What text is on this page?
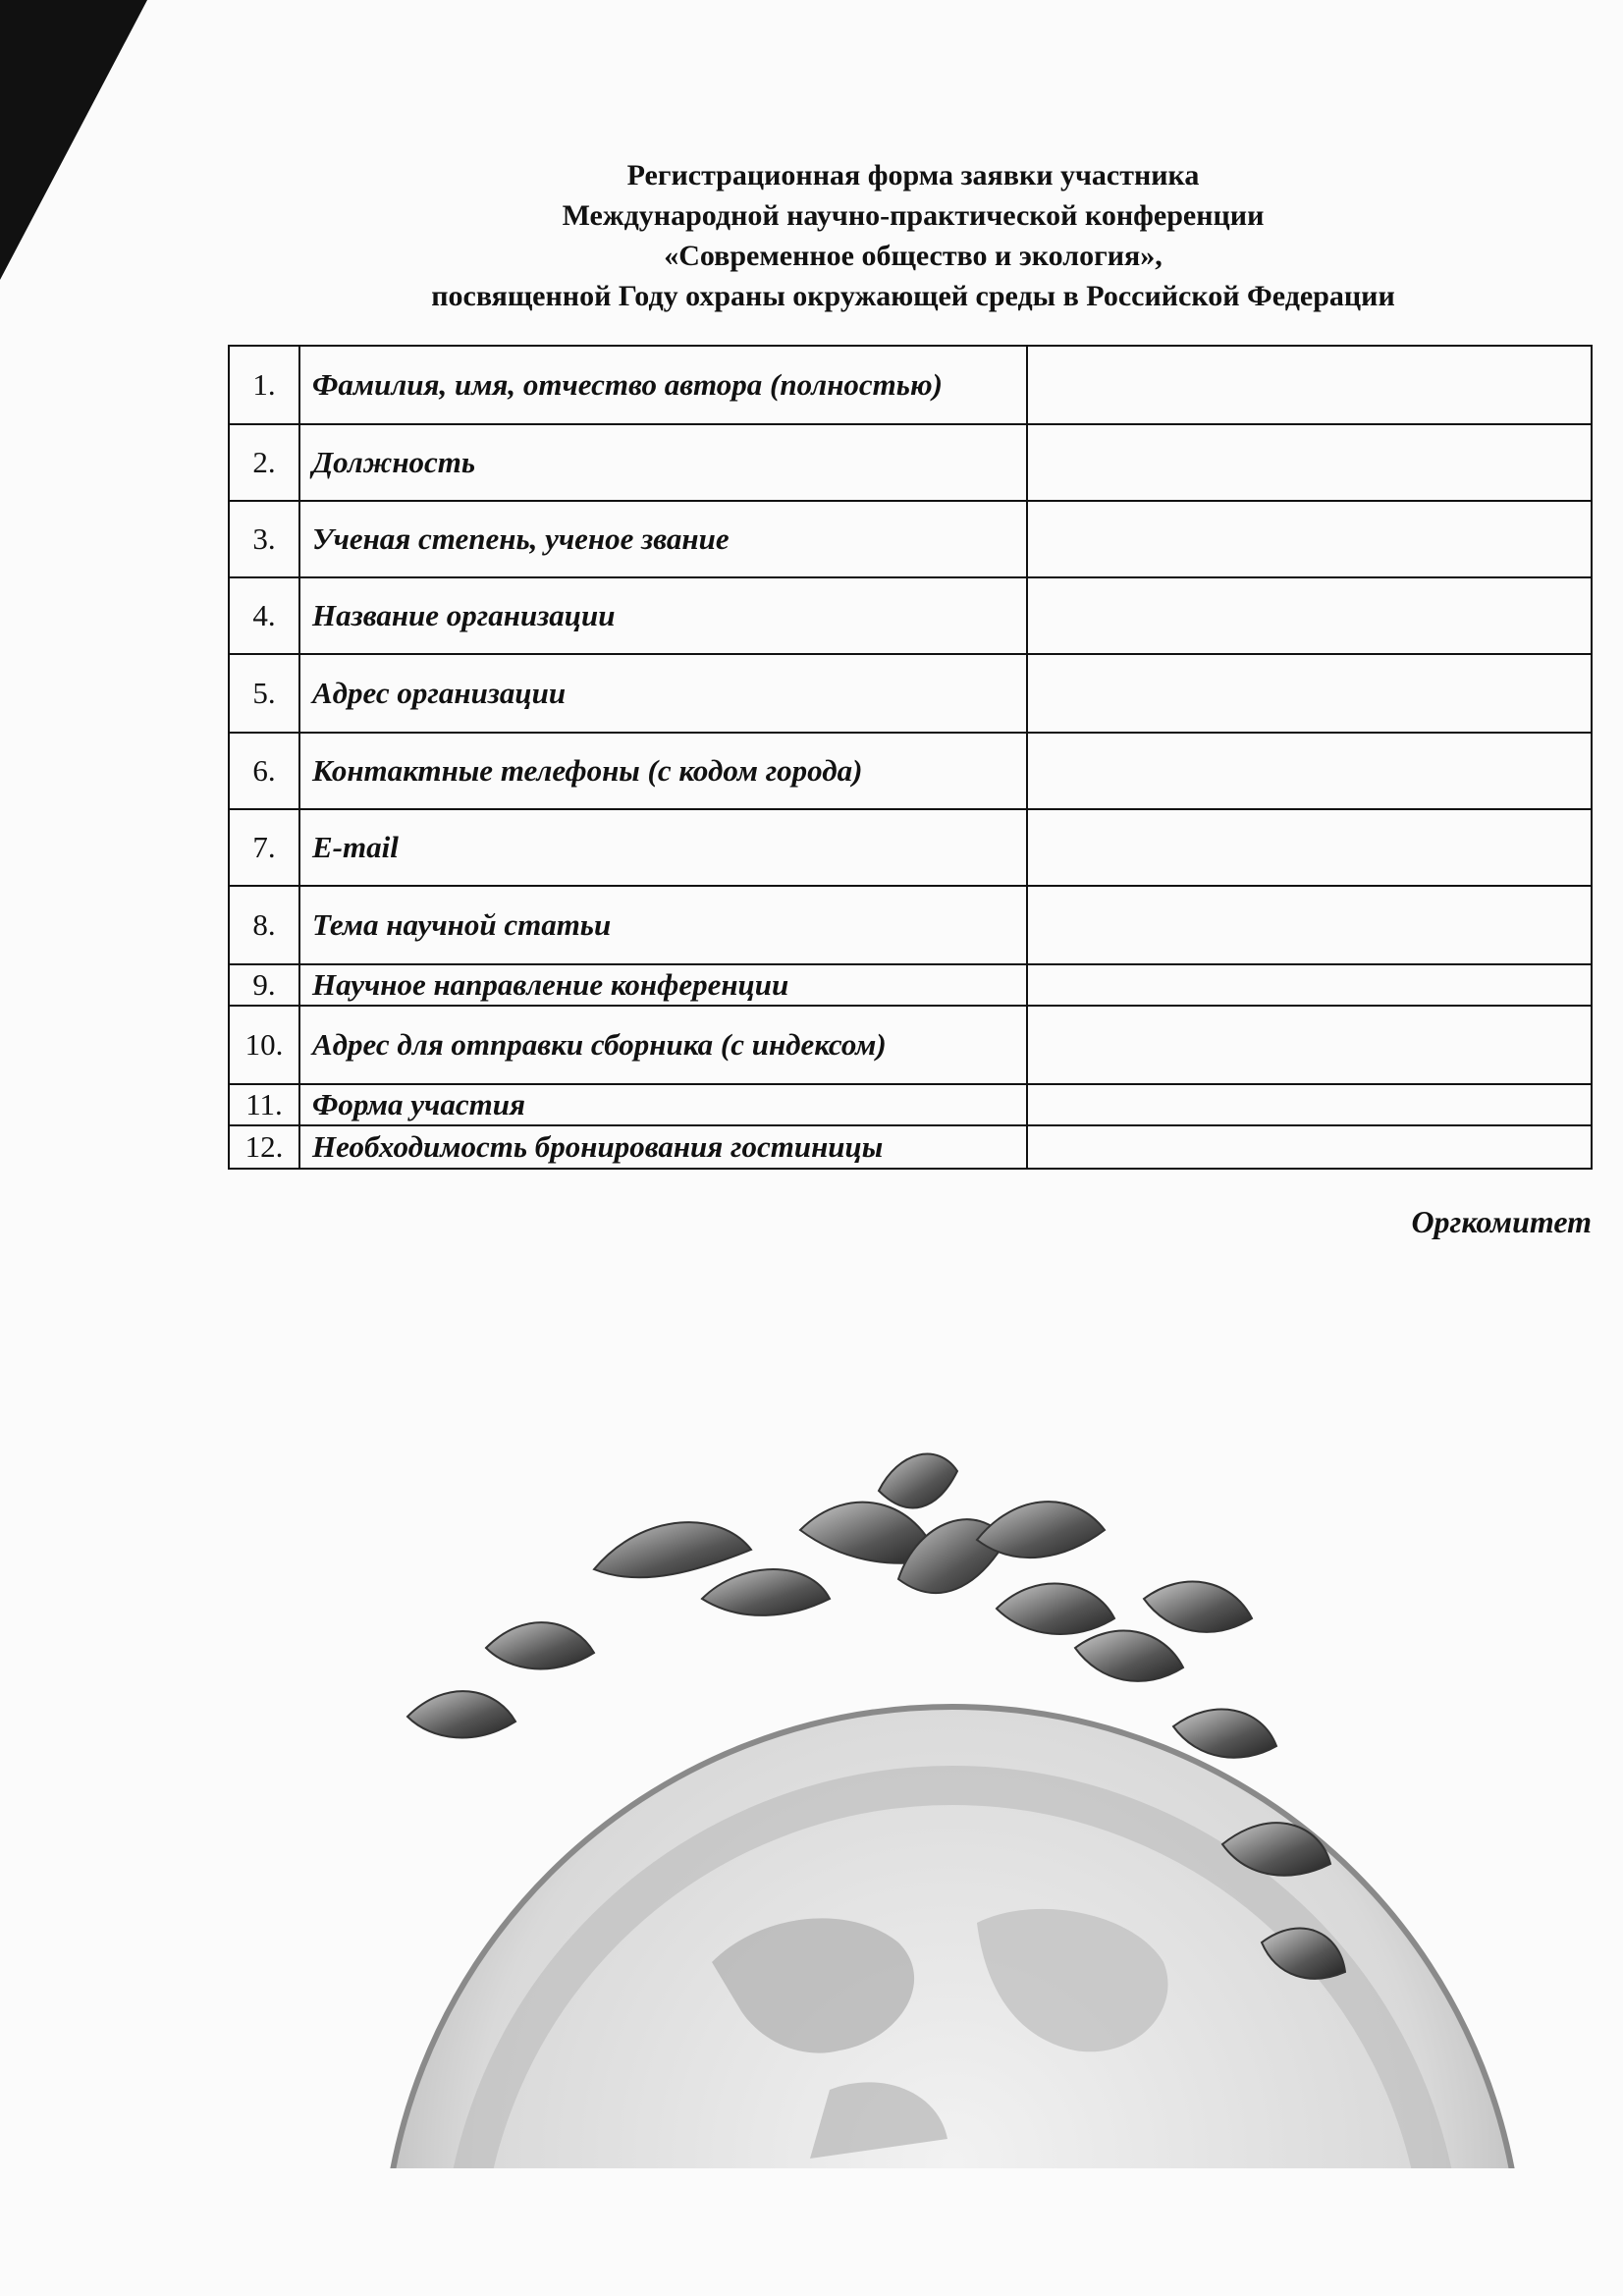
Регистрационная форма заявки участника
Международной научно-практической конференции
«Современное общество и экология»,
посвященной Году охраны окружающей среды в Российской Федерации
1.	Фамилия, имя, отчество автора (полностью)	
2.	Должность	
3.	Ученая степень, ученое звание	
4.	Название организации	
5.	Адрес организации	
6.	Контактные телефоны (с кодом города)	
7.	E-mail	
8.	Тема научной статьи	
9.	Научное направление конференции	
10.	Адрес для отправки сборника (с индексом)	
11.	Форма участия	
12.	Необходимость бронирования гостиницы	
Оргкомитет
